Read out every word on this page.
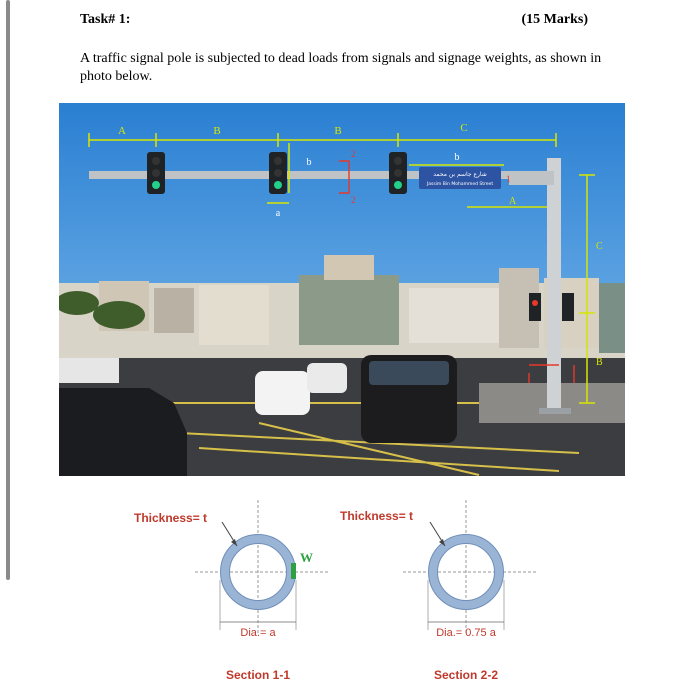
Task# 1:	(15 Marks)
A traffic signal pole is subjected to dead loads from signals and signage weights, as shown in photo below.
شارع جاسم بن محمد
Jassim Bin Mohammed Street
A	B	B	C
b	b
a
A
C
B
2
2
1
Thickness= t
W
Dia.= a
Section 1-1
Thickness= t
Dia.= 0.75 a
Section 2-2
